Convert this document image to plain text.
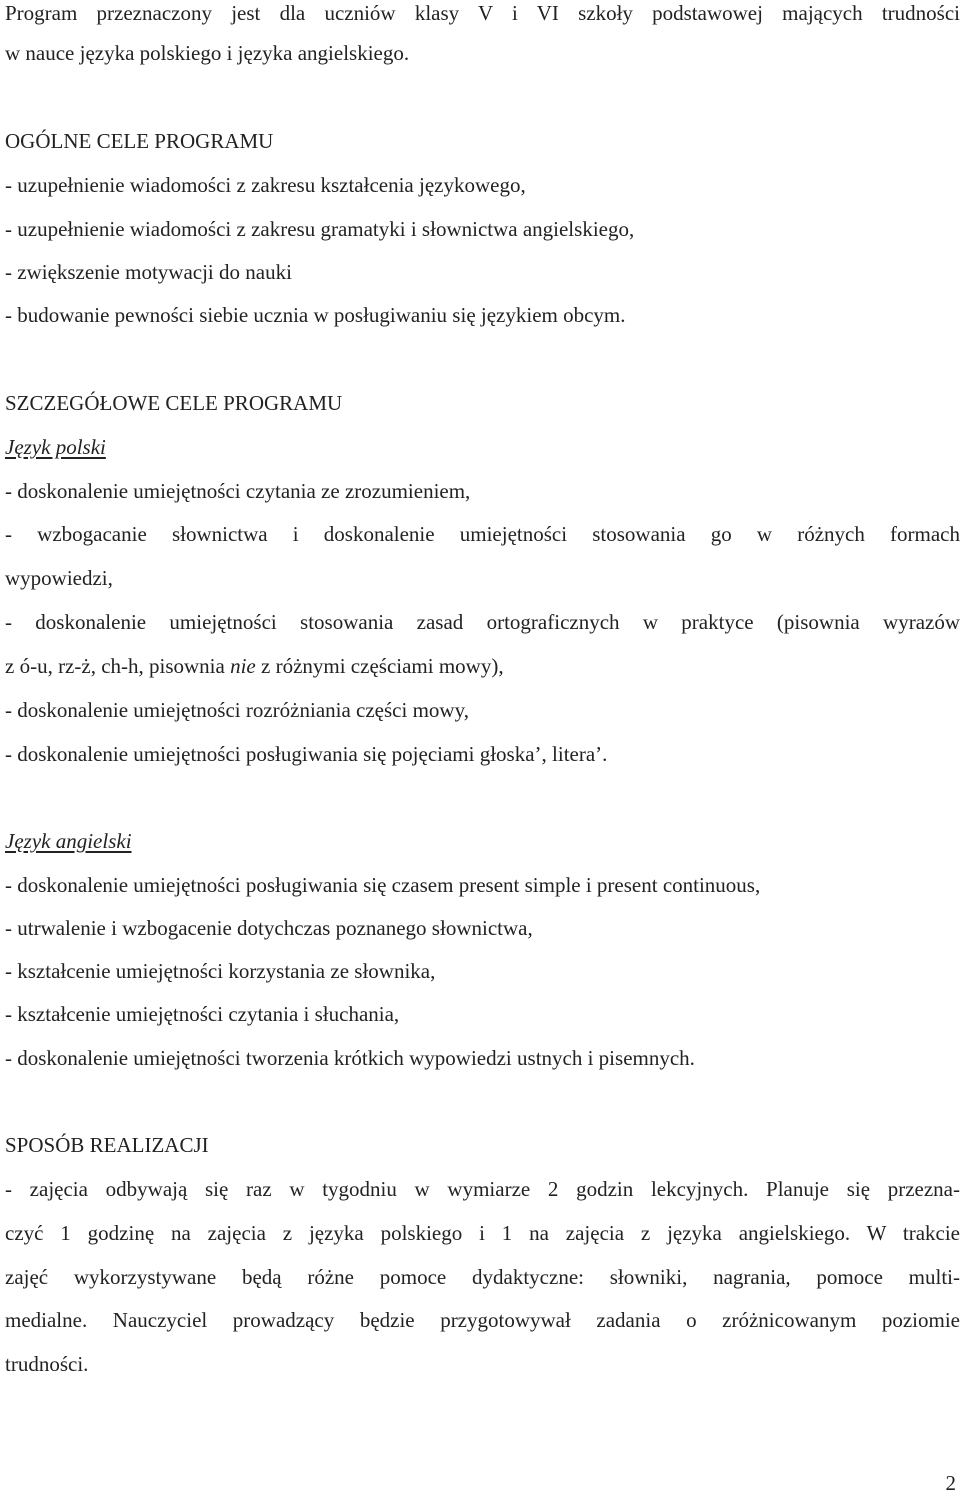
Program przeznaczony jest dla uczniów klasy V i VI szkoły podstawowej mających trudności
w nauce języka polskiego i języka angielskiego.
OGÓLNE CELE PROGRAMU
- uzupełnienie wiadomości z zakresu kształcenia językowego,
- uzupełnienie wiadomości z zakresu gramatyki i słownictwa angielskiego,
- zwiększenie motywacji do nauki
- budowanie pewności siebie ucznia w posługiwaniu się językiem obcym.
SZCZEGÓŁOWE CELE PROGRAMU
Język polski
- doskonalenie umiejętności czytania ze zrozumieniem,
- wzbogacanie słownictwa i doskonalenie umiejętności stosowania go w różnych formach
wypowiedzi,
- doskonalenie umiejętności stosowania zasad ortograficznych w praktyce (pisownia wyrazów
z ó-u, rz-ż, ch-h, pisownia nie z różnymi częściami mowy),
- doskonalenie umiejętności rozróżniania części mowy,
- doskonalenie umiejętności posługiwania się pojęciami głoska’, litera’.
Język angielski
- doskonalenie umiejętności posługiwania się czasem present simple i present continuous,
- utrwalenie i wzbogacenie dotychczas poznanego słownictwa,
- kształcenie umiejętności korzystania ze słownika,
- kształcenie umiejętności czytania i słuchania,
- doskonalenie umiejętności tworzenia krótkich wypowiedzi ustnych i pisemnych.
SPOSÓB REALIZACJI
- zajęcia odbywają się raz w tygodniu w wymiarze 2 godzin lekcyjnych. Planuje się przezna-
czyć 1 godzinę na zajęcia z języka polskiego i 1 na zajęcia z języka angielskiego. W trakcie
zajęć wykorzystywane będą różne pomoce dydaktyczne: słowniki, nagrania, pomoce multi-
medialne. Nauczyciel prowadzący będzie przygotowywał zadania o zróżnicowanym poziomie
trudności.
2
